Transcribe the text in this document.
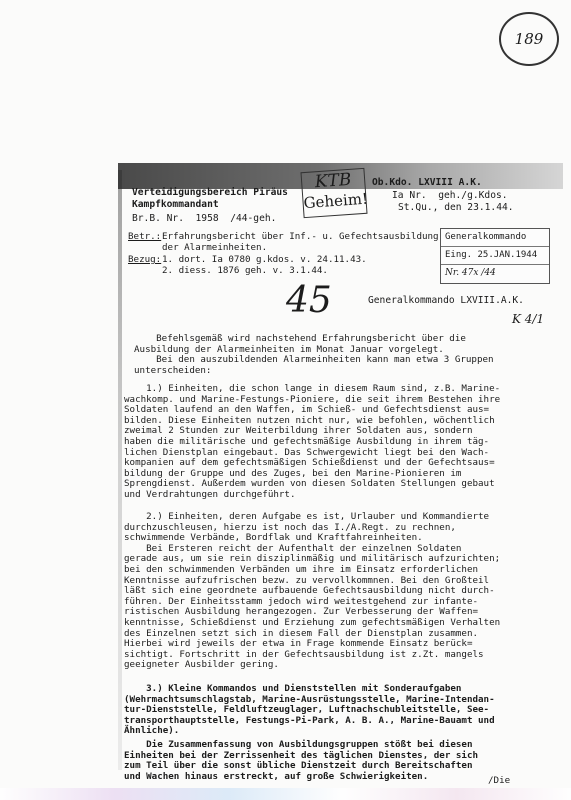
189
Verteidigungsbereich Piräus
Kampfkommandant
Br.B. Nr.  1958  /44-geh.
KTB
Geheim!
Ob.Kdo. LXVIII A.K.
Ia Nr.  geh./g.Kdos.
St.Qu., den 23.1.44.
Betr.: Erfahrungsbericht über Inf.- u. Gefechtsausbildung
der Alarmeinheiten.
Bezug: 1. dort. Ia 0780 g.kdos. v. 24.11.43.
2. diess. 1876 geh. v. 3.1.44.
Generalkommando
Eing. 25.JAN.1944
Nr. 47x /44
45	Generalkommando LXVIII.A.K.
K 4/1
Befehlsgemäß wird nachstehend Erfahrungsbericht über die
Ausbildung der Alarmeinheiten im Monat Januar vorgelegt.
Bei den auszubildenden Alarmeinheiten kann man etwa 3 Gruppen
unterscheiden:
1.) Einheiten, die schon lange in diesem Raum sind, z.B. Marine-
wachkomp. und Marine-Festungs-Pioniere, die seit ihrem Bestehen ihre
Soldaten laufend an den Waffen, im Schieß- und Gefechtsdienst aus=
bilden. Diese Einheiten nutzen nicht nur, wie befohlen, wöchentlich
zweimal 2 Stunden zur Weiterbildung ihrer Soldaten aus, sondern
haben die militärische und gefechtsmäßige Ausbildung in ihrem täg-
lichen Dienstplan eingebaut. Das Schwergewicht liegt bei den Wach-
kompanien auf dem gefechtsmäßigen Schießdienst und der Gefechtsaus=
bildung der Gruppe und des Zuges, bei den Marine-Pionieren im
Sprengdienst. Außerdem wurden von diesen Soldaten Stellungen gebaut
und Verdrahtungen durchgeführt.
2.) Einheiten, deren Aufgabe es ist, Urlauber und Kommandierte
durchzuschleusen, hierzu ist noch das I./A.Regt. zu rechnen,
schwimmende Verbände, Bordflak und Kraftfahreinheiten.
Bei Ersteren reicht der Aufenthalt der einzelnen Soldaten
gerade aus, um sie rein disziplinmäßig und militärisch aufzurichten;
bei den schwimmenden Verbänden um ihre im Einsatz erforderlichen
Kenntnisse aufzufrischen bezw. zu vervollkommnen. Bei den Großteil
läßt sich eine geordnete aufbauende Gefechtsausbildung nicht durch-
führen. Der Einheitsstamm jedoch wird weitestgehend zur infante-
ristischen Ausbildung herangezogen. Zur Verbesserung der Waffen=
kenntnisse, Schießdienst und Erziehung zum gefechtsmäßigen Verhalten
des Einzelnen setzt sich in diesem Fall der Dienstplan zusammen.
Hierbei wird jeweils der etwa in Frage kommende Einsatz berück=
sichtigt. Fortschritt in der Gefechtsausbildung ist z.Zt. mangels
geeigneter Ausbilder gering.
3.) Kleine Kommandos und Dienststellen mit Sonderaufgaben
(Wehrmachtsumschlagstab, Marine-Ausrüstungsstelle, Marine-Intendan-
tur-Dienststelle, Feldluftzeuglager, Luftnachschubleitstelle, See-
transporthauptstelle, Festungs-Pi-Park, A. B. A., Marine-Bauamt und
Ähnliche).
Die Zusammenfassung von Ausbildungsgruppen stößt bei diesen
Einheiten bei der Zerrissenheit des täglichen Dienstes, der sich
zum Teil über die sonst übliche Dienstzeit durch Bereitschaften
und Wachen hinaus erstreckt, auf große Schwierigkeiten.	/Die
